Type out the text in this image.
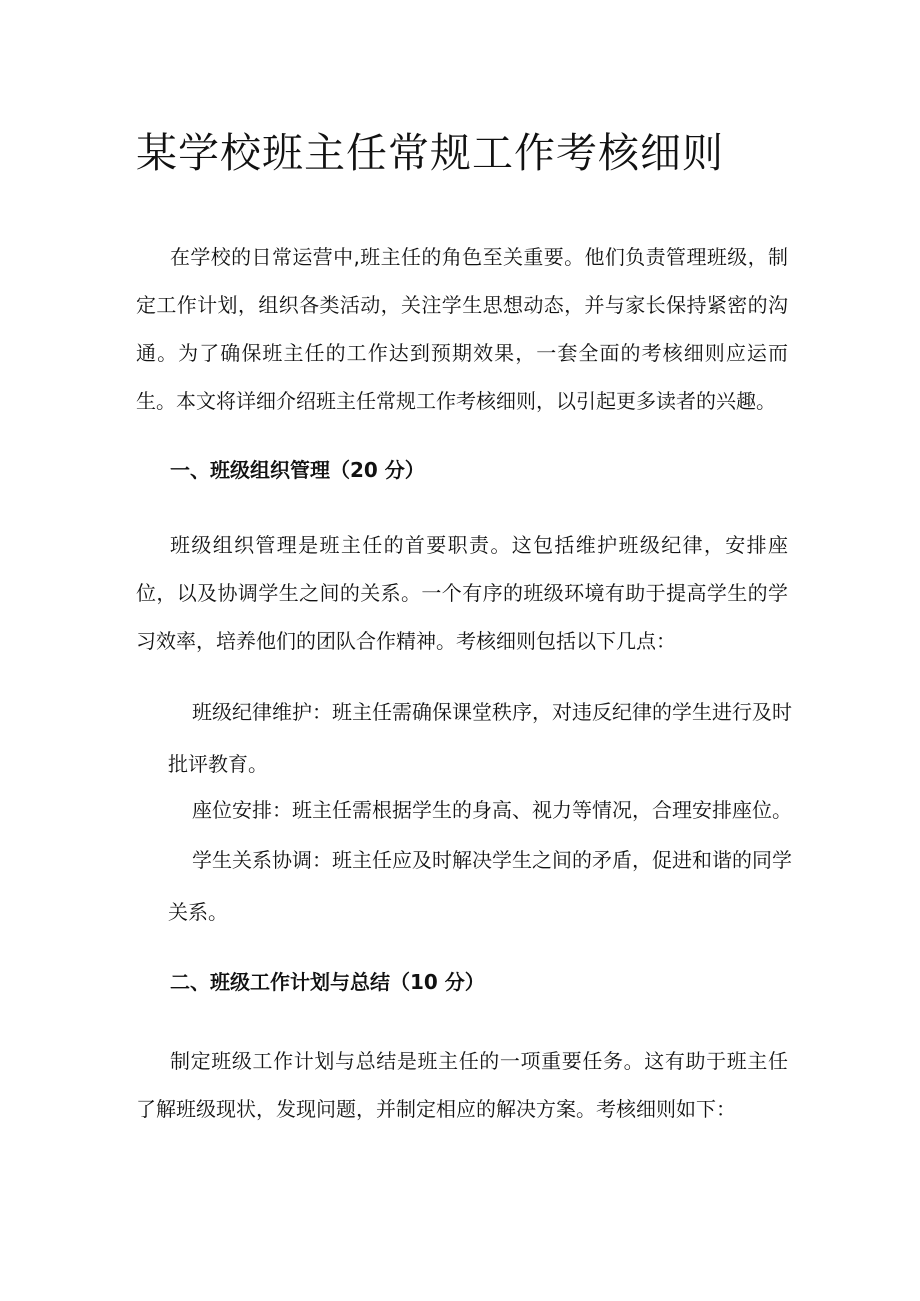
某学校班主任常规工作考核细则

在学校的日常运营中,班主任的角色至关重要。他们负责管理班级，制定工作计划，组织各类活动，关注学生思想动态，并与家长保持紧密的沟通。为了确保班主任的工作达到预期效果，一套全面的考核细则应运而生。本文将详细介绍班主任常规工作考核细则，以引起更多读者的兴趣。

一、班级组织管理（20 分）

班级组织管理是班主任的首要职责。这包括维护班级纪律，安排座位，以及协调学生之间的关系。一个有序的班级环境有助于提高学生的学习效率，培养他们的团队合作精神。考核细则包括以下几点：

班级纪律维护：班主任需确保课堂秩序，对违反纪律的学生进行及时批评教育。

座位安排：班主任需根据学生的身高、视力等情况，合理安排座位。

学生关系协调：班主任应及时解决学生之间的矛盾，促进和谐的同学关系。

二、班级工作计划与总结（10 分）

制定班级工作计划与总结是班主任的一项重要任务。这有助于班主任了解班级现状，发现问题，并制定相应的解决方案。考核细则如下：
